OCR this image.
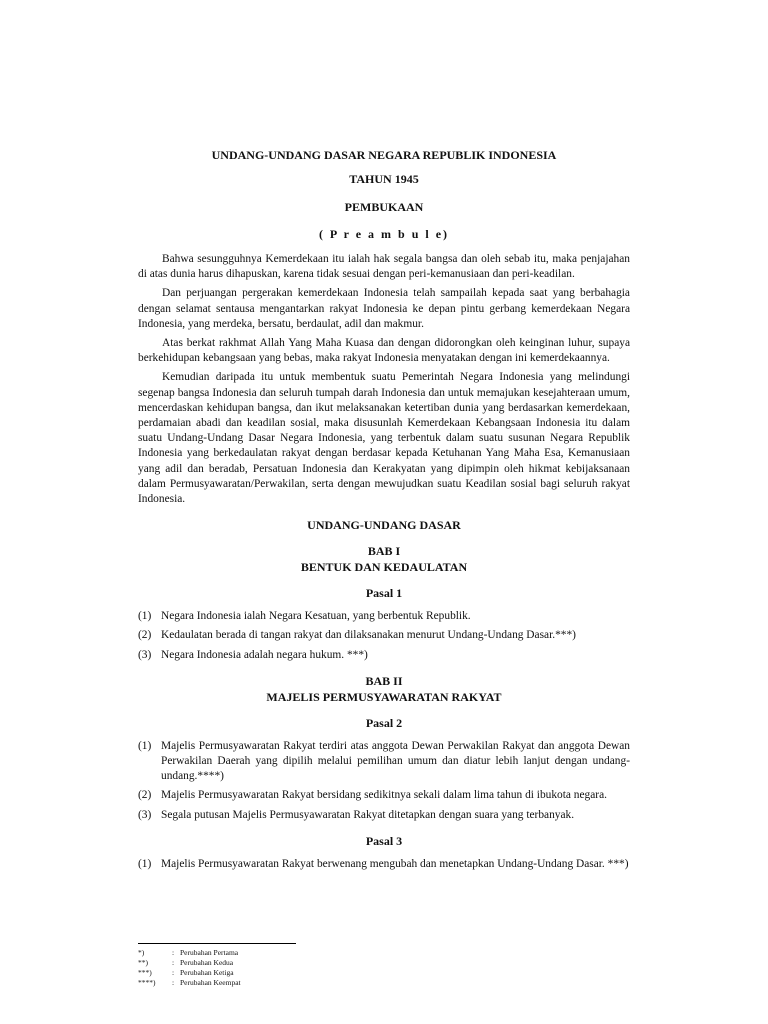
UNDANG-UNDANG DASAR NEGARA REPUBLIK INDONESIA
TAHUN 1945
PEMBUKAAN
( P r e a m b u l e)

Bahwa sesungguhnya Kemerdekaan itu ialah hak segala bangsa dan oleh sebab itu, maka penjajahan di atas dunia harus dihapuskan, karena tidak sesuai dengan peri-kemanusiaan dan peri-keadilan.

Dan perjuangan pergerakan kemerdekaan Indonesia telah sampailah kepada saat yang berbahagia dengan selamat sentausa mengantarkan rakyat Indonesia ke depan pintu gerbang kemerdekaan Negara Indonesia, yang merdeka, bersatu, berdaulat, adil dan makmur.

Atas berkat rakhmat Allah Yang Maha Kuasa dan dengan didorongkan oleh keinginan luhur, supaya berkehidupan kebangsaan yang bebas, maka rakyat Indonesia menyatakan dengan ini kemerdekaannya.

Kemudian daripada itu untuk membentuk suatu Pemerintah Negara Indonesia yang melindungi segenap bangsa Indonesia dan seluruh tumpah darah Indonesia dan untuk memajukan kesejahteraan umum, mencerdaskan kehidupan bangsa, dan ikut melaksanakan ketertiban dunia yang berdasarkan kemerdekaan, perdamaian abadi dan keadilan sosial, maka disusunlah Kemerdekaan Kebangsaan Indonesia itu dalam suatu Undang-Undang Dasar Negara Indonesia, yang terbentuk dalam suatu susunan Negara Republik Indonesia yang berkedaulatan rakyat dengan berdasar kepada Ketuhanan Yang Maha Esa, Kemanusiaan yang adil dan beradab, Persatuan Indonesia dan Kerakyatan yang dipimpin oleh hikmat kebijaksanaan dalam Permusyawaratan/Perwakilan, serta dengan mewujudkan suatu Keadilan sosial bagi seluruh rakyat Indonesia.

UNDANG-UNDANG DASAR
BAB I
BENTUK DAN KEDAULATAN
Pasal 1
(1) Negara Indonesia ialah Negara Kesatuan, yang berbentuk Republik.
(2) Kedaulatan berada di tangan rakyat dan dilaksanakan menurut Undang-Undang Dasar.***)
(3) Negara Indonesia adalah negara hukum. ***)
BAB II
MAJELIS PERMUSYAWARATAN RAKYAT
Pasal 2
(1) Majelis Permusyawaratan Rakyat terdiri atas anggota Dewan Perwakilan Rakyat dan anggota Dewan Perwakilan Daerah yang dipilih melalui pemilihan umum dan diatur lebih lanjut dengan undang-undang.****)
(2) Majelis Permusyawaratan Rakyat bersidang sedikitnya sekali dalam lima tahun di ibukota negara.
(3) Segala putusan Majelis Permusyawaratan Rakyat ditetapkan dengan suara yang terbanyak.
Pasal 3
(1) Majelis Permusyawaratan Rakyat berwenang mengubah dan menetapkan Undang-Undang Dasar. ***)
*)	: Perubahan Pertama
**)	: Perubahan Kedua
***)	: Perubahan Ketiga
****)	: Perubahan Keempat
